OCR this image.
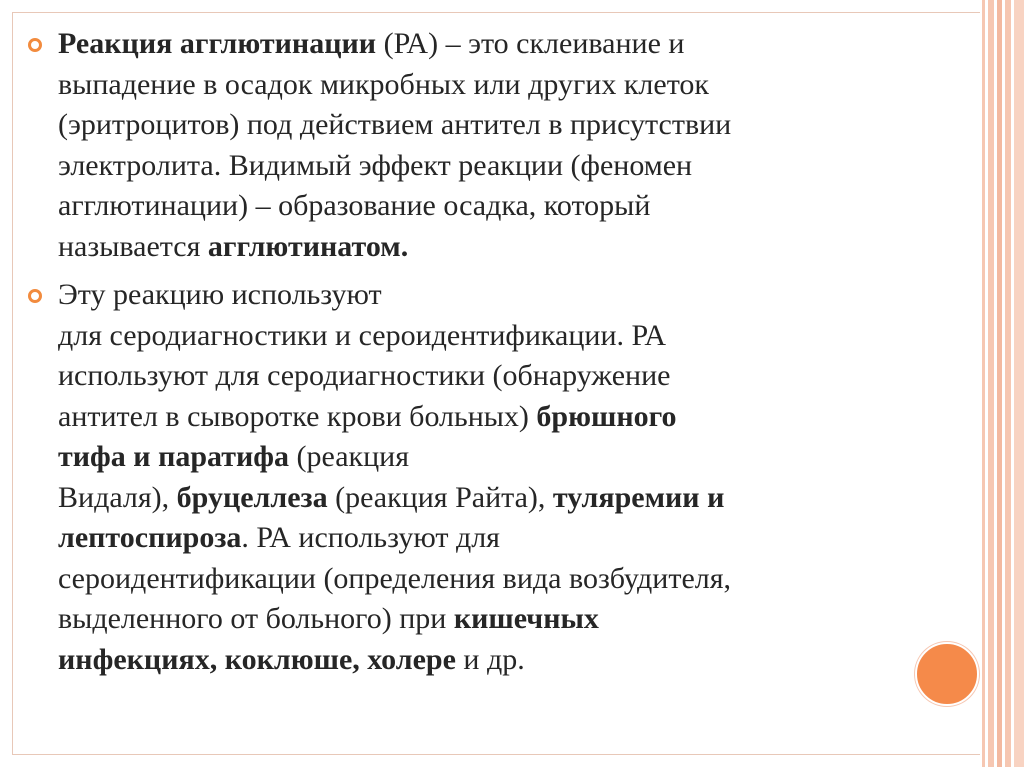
Реакция агглютинации (РА) – это склеивание и
выпадение в осадок микробных или других клеток
(эритроцитов) под действием антител в присутствии
электролита. Видимый эффект реакции (феномен
агглютинации) – образование осадка, который
называется агглютинатом.
Эту реакцию используют
для серодиагностики и сероидентификации. РА
используют для серодиагностики (обнаружение
антител в сыворотке крови больных) брюшного
тифа и паратифа (реакция
Видаля), бруцеллеза (реакция Райта), туляремии и
лептоспироза. РА используют для
сероидентификации (определения вида возбудителя,
выделенного от больного) при кишечных
инфекциях, коклюше, холере и др.
